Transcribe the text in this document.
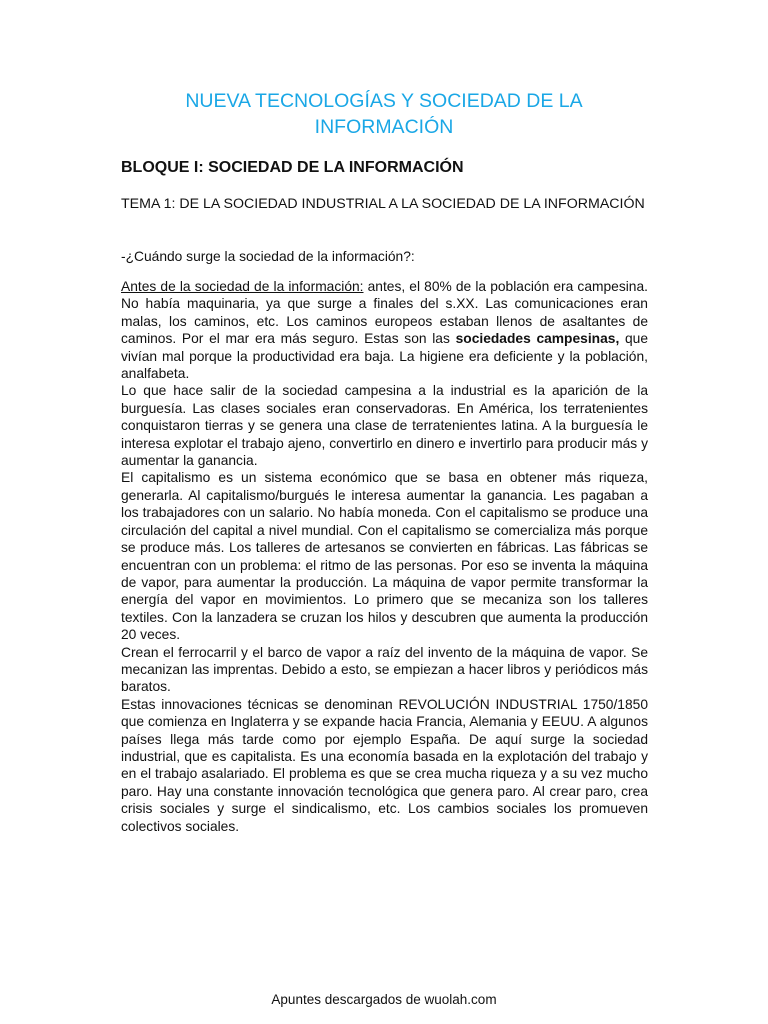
NUEVA TECNOLOGÍAS Y SOCIEDAD DE LA INFORMACIÓN
BLOQUE I: SOCIEDAD DE LA INFORMACIÓN
TEMA 1: DE LA SOCIEDAD INDUSTRIAL A LA SOCIEDAD DE LA INFORMACIÓN

-¿Cuándo surge la sociedad de la información?:

Antes de la sociedad de la información: antes, el 80% de la población era campesina. No había maquinaria, ya que surge a finales del s.XX. Las comunicaciones eran malas, los caminos, etc. Los caminos europeos estaban llenos de asaltantes de caminos. Por el mar era más seguro. Estas son las sociedades campesinas, que vivían mal porque la productividad era baja. La higiene era deficiente y la población, analfabeta.

Lo que hace salir de la sociedad campesina a la industrial es la aparición de la burguesía. Las clases sociales eran conservadoras. En América, los terratenientes conquistaron tierras y se genera una clase de terratenientes latina. A la burguesía le interesa explotar el trabajo ajeno, convertirlo en dinero e invertirlo para producir más y aumentar la ganancia.

El capitalismo es un sistema económico que se basa en obtener más riqueza, generarla. Al capitalismo/burgués le interesa aumentar la ganancia. Les pagaban a los trabajadores con un salario. No había moneda. Con el capitalismo se produce una circulación del capital a nivel mundial. Con el capitalismo se comercializa más porque se produce más. Los talleres de artesanos se convierten en fábricas. Las fábricas se encuentran con un problema: el ritmo de las personas. Por eso se inventa la máquina de vapor, para aumentar la producción. La máquina de vapor permite transformar la energía del vapor en movimientos. Lo primero que se mecaniza son los talleres textiles. Con la lanzadera se cruzan los hilos y descubren que aumenta la producción 20 veces.

Crean el ferrocarril y el barco de vapor a raíz del invento de la máquina de vapor. Se mecanizan las imprentas. Debido a esto, se empiezan a hacer libros y periódicos más baratos.

Estas innovaciones técnicas se denominan REVOLUCIÓN INDUSTRIAL 1750/1850 que comienza en Inglaterra y se expande hacia Francia, Alemania y EEUU. A algunos países llega más tarde como por ejemplo España. De aquí surge la sociedad industrial, que es capitalista. Es una economía basada en la explotación del trabajo y en el trabajo asalariado. El problema es que se crea mucha riqueza y a su vez mucho paro. Hay una constante innovación tecnológica que genera paro. Al crear paro, crea crisis sociales y surge el sindicalismo, etc. Los cambios sociales los promueven colectivos sociales.

Apuntes descargados de wuolah.com
